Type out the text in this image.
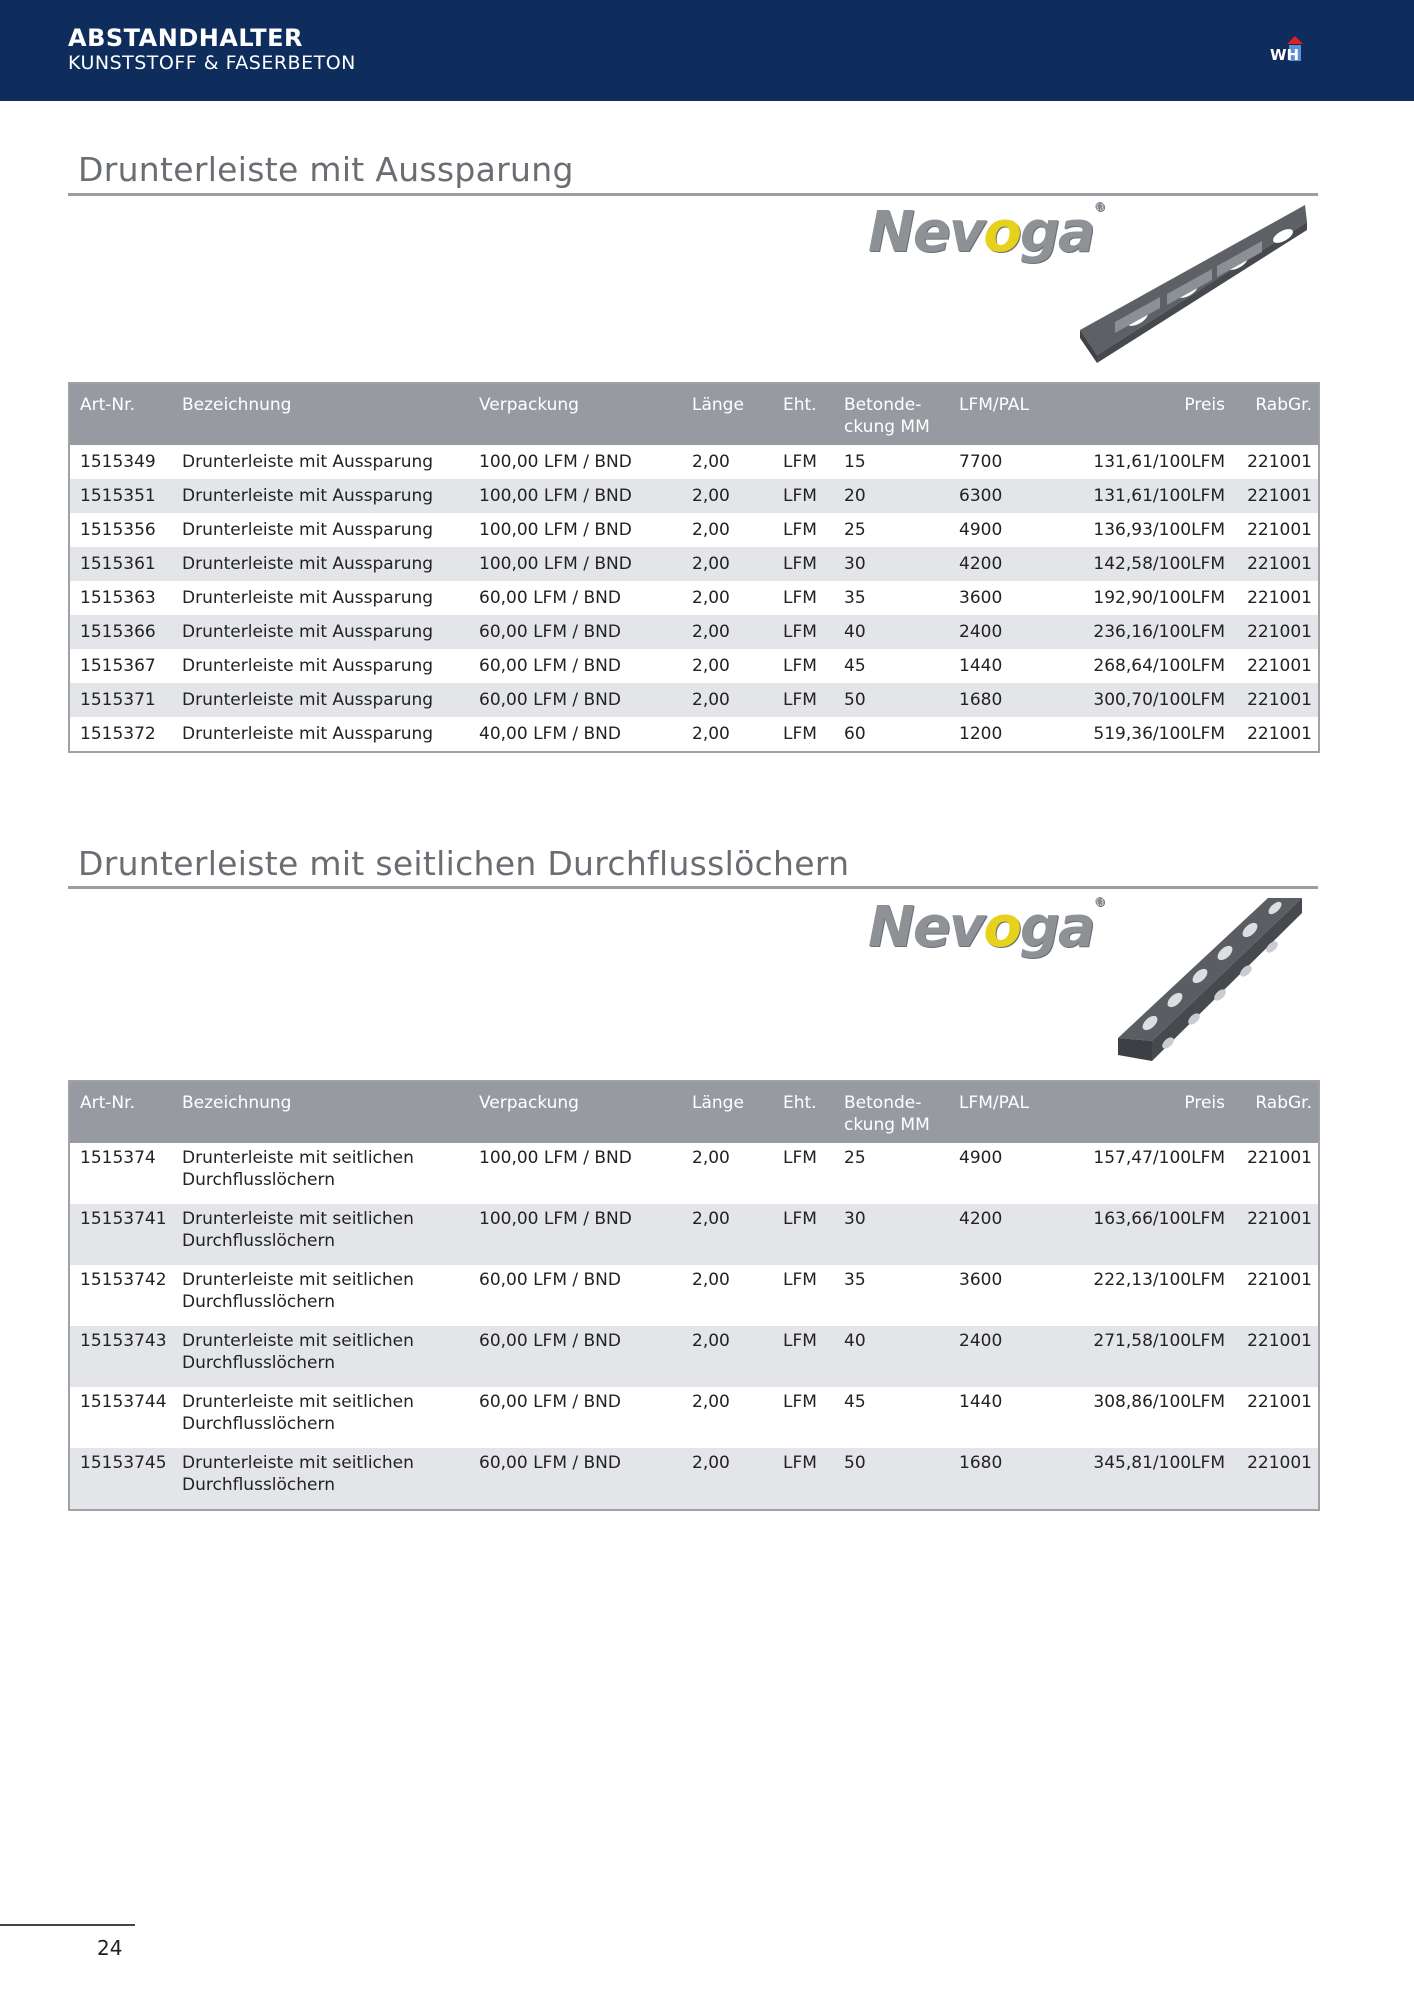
ABSTANDHALTER
KUNSTSTOFF & FASERBETON	WH
Drunterleiste mit Aussparung
Nevoga®
Art-Nr.	Bezeichnung	Verpackung	Länge	Eht.	Betonde-ckung MM	LFM/PAL	Preis	RabGr.
1515349	Drunterleiste mit Aussparung	100,00 LFM / BND	2,00	LFM	15	7700	131,61/100LFM	221001
1515351	Drunterleiste mit Aussparung	100,00 LFM / BND	2,00	LFM	20	6300	131,61/100LFM	221001
1515356	Drunterleiste mit Aussparung	100,00 LFM / BND	2,00	LFM	25	4900	136,93/100LFM	221001
1515361	Drunterleiste mit Aussparung	100,00 LFM / BND	2,00	LFM	30	4200	142,58/100LFM	221001
1515363	Drunterleiste mit Aussparung	60,00 LFM / BND	2,00	LFM	35	3600	192,90/100LFM	221001
1515366	Drunterleiste mit Aussparung	60,00 LFM / BND	2,00	LFM	40	2400	236,16/100LFM	221001
1515367	Drunterleiste mit Aussparung	60,00 LFM / BND	2,00	LFM	45	1440	268,64/100LFM	221001
1515371	Drunterleiste mit Aussparung	60,00 LFM / BND	2,00	LFM	50	1680	300,70/100LFM	221001
1515372	Drunterleiste mit Aussparung	40,00 LFM / BND	2,00	LFM	60	1200	519,36/100LFM	221001
Drunterleiste mit seitlichen Durchflusslöchern
Nevoga®
Art-Nr.	Bezeichnung	Verpackung	Länge	Eht.	Betonde-ckung MM	LFM/PAL	Preis	RabGr.
1515374	Drunterleiste mit seitlichen Durchflusslöchern	100,00 LFM / BND	2,00	LFM	25	4900	157,47/100LFM	221001
15153741	Drunterleiste mit seitlichen Durchflusslöchern	100,00 LFM / BND	2,00	LFM	30	4200	163,66/100LFM	221001
15153742	Drunterleiste mit seitlichen Durchflusslöchern	60,00 LFM / BND	2,00	LFM	35	3600	222,13/100LFM	221001
15153743	Drunterleiste mit seitlichen Durchflusslöchern	60,00 LFM / BND	2,00	LFM	40	2400	271,58/100LFM	221001
15153744	Drunterleiste mit seitlichen Durchflusslöchern	60,00 LFM / BND	2,00	LFM	45	1440	308,86/100LFM	221001
15153745	Drunterleiste mit seitlichen Durchflusslöchern	60,00 LFM / BND	2,00	LFM	50	1680	345,81/100LFM	221001
24
